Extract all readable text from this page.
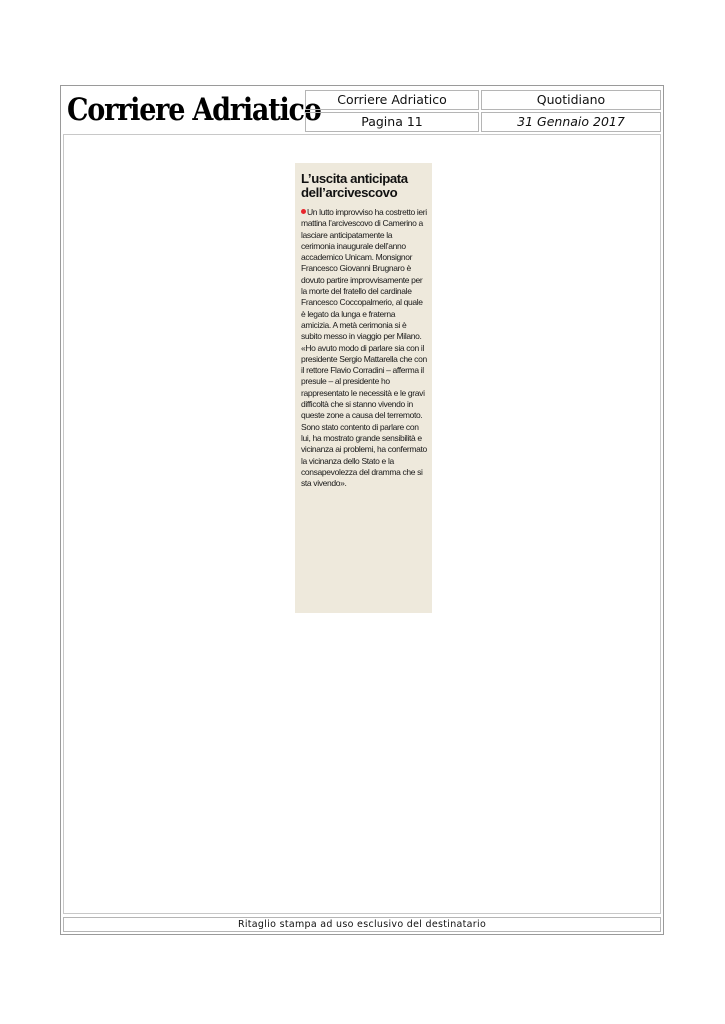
Corriere Adriatico	Corriere Adriatico	Quotidiano
Pagina 11	31 Gennaio 2017
L’uscita anticipata dell’arcivescovo

Un lutto improvviso ha costretto ieri mattina l’arcivescovo di Camerino a lasciare anticipatamente la cerimonia inaugurale dell’anno accademico Unicam. Monsignor Francesco Giovanni Brugnaro è dovuto partire improvvisamente per la morte del fratello del cardinale Francesco Coccopalmerio, al quale è legato da lunga e fraterna amicizia. A metà cerimonia si è subito messo in viaggio per Milano. «Ho avuto modo di parlare sia con il presidente Sergio Mattarella che con il rettore Flavio Corradini – afferma il presule – al presidente ho rappresentato le necessità e le gravi difficoltà che si stanno vivendo in queste zone a causa del terremoto. Sono stato contento di parlare con lui, ha mostrato grande sensibilità e vicinanza ai problemi, ha confermato la vicinanza dello Stato e la consapevolezza del dramma che si sta vivendo».

Ritaglio stampa ad uso esclusivo del destinatario
